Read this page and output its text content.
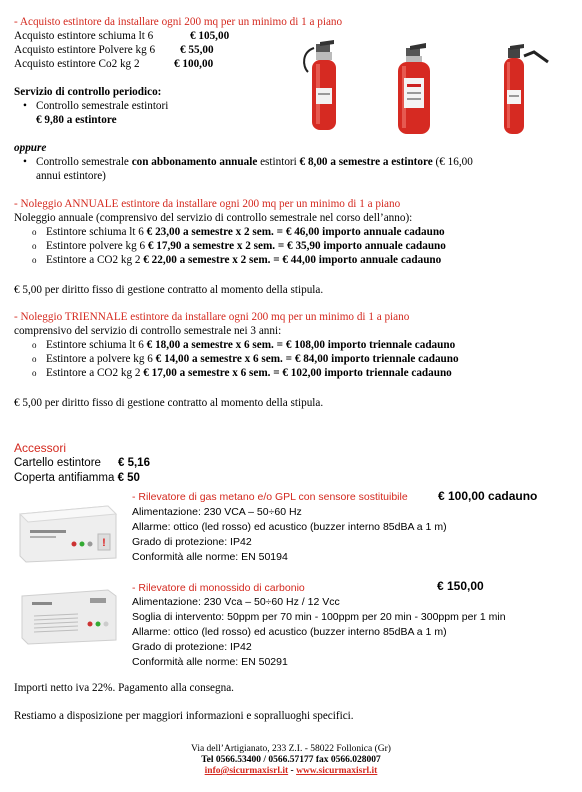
- Acquisto estintore da installare ogni 200 mq per un minimo di 1 a piano
Acquisto estintore schiuma lt 6	€ 105,00
Acquisto estintore Polvere kg 6 € 55,00
Acquisto estintore Co2 kg 2	€ 100,00
Servizio di controllo periodico:
• Controllo semestrale estintori
€ 9,80 a estintore
oppure
• Controllo semestrale con abbonamento annuale estintori € 8,00 a semestre a estintore (€ 16,00
annui estintore)
- Noleggio ANNUALE estintore da installare ogni 200 mq per un minimo di 1 a piano
Noleggio annuale (comprensivo del servizio di controllo semestrale nel corso dell’anno):
o Estintore schiuma lt 6 € 23,00 a semestre x 2 sem. = € 46,00 importo annuale cadauno
o Estintore polvere kg 6 € 17,90 a semestre x 2 sem. = € 35,90 importo annuale cadauno
o Estintore a CO2 kg 2 € 22,00 a semestre x 2 sem. = € 44,00 importo annuale cadauno
€ 5,00 per diritto fisso di gestione contratto al momento della stipula.
- Noleggio TRIENNALE estintore da installare ogni 200 mq per un minimo di 1 a piano
comprensivo del servizio di controllo semestrale nei 3 anni:
o Estintore schiuma lt 6 € 18,00 a semestre x 6 sem. = € 108,00 importo triennale cadauno
o Estintore a polvere kg 6 € 14,00 a semestre x 6 sem. = € 84,00 importo triennale cadauno
o Estintore a CO2 kg 2 € 17,00 a semestre x 6 sem. = € 102,00 importo triennale cadauno
€ 5,00 per diritto fisso di gestione contratto al momento della stipula.
Accessori
Cartello estintore € 5,16
Coperta antifiamma € 50
!
- Rilevatore di gas metano e/o GPL con sensore sostituibile	€ 100,00 cadauno
Alimentazione: 230 VCA – 50÷60 Hz
Allarme: ottico (led rosso) ed acustico (buzzer interno 85dBA a 1 m)
Grado di protezione: IP42
Conformità alle norme: EN 50194
- Rilevatore di monossido di carbonio	€ 150,00
Alimentazione: 230 Vca – 50÷60 Hz / 12 Vcc
Soglia di intervento: 50ppm per 70 min - 100ppm per 20 min - 300ppm per 1 min
Allarme: ottico (led rosso) ed acustico (buzzer interno 85dBA a 1 m)
Grado di protezione: IP42
Conformità alle norme: EN 50291
Importi netto iva 22%. Pagamento alla consegna.
Restiamo a disposizione per maggiori informazioni e sopralluoghi specifici.
Via dell’Artigianato, 233 Z.I. - 58022 Follonica (Gr)
Tel 0566.53400 / 0566.57177 fax 0566.028007
info@sicurmaxisrl.it - www.sicurmaxisrl.it
